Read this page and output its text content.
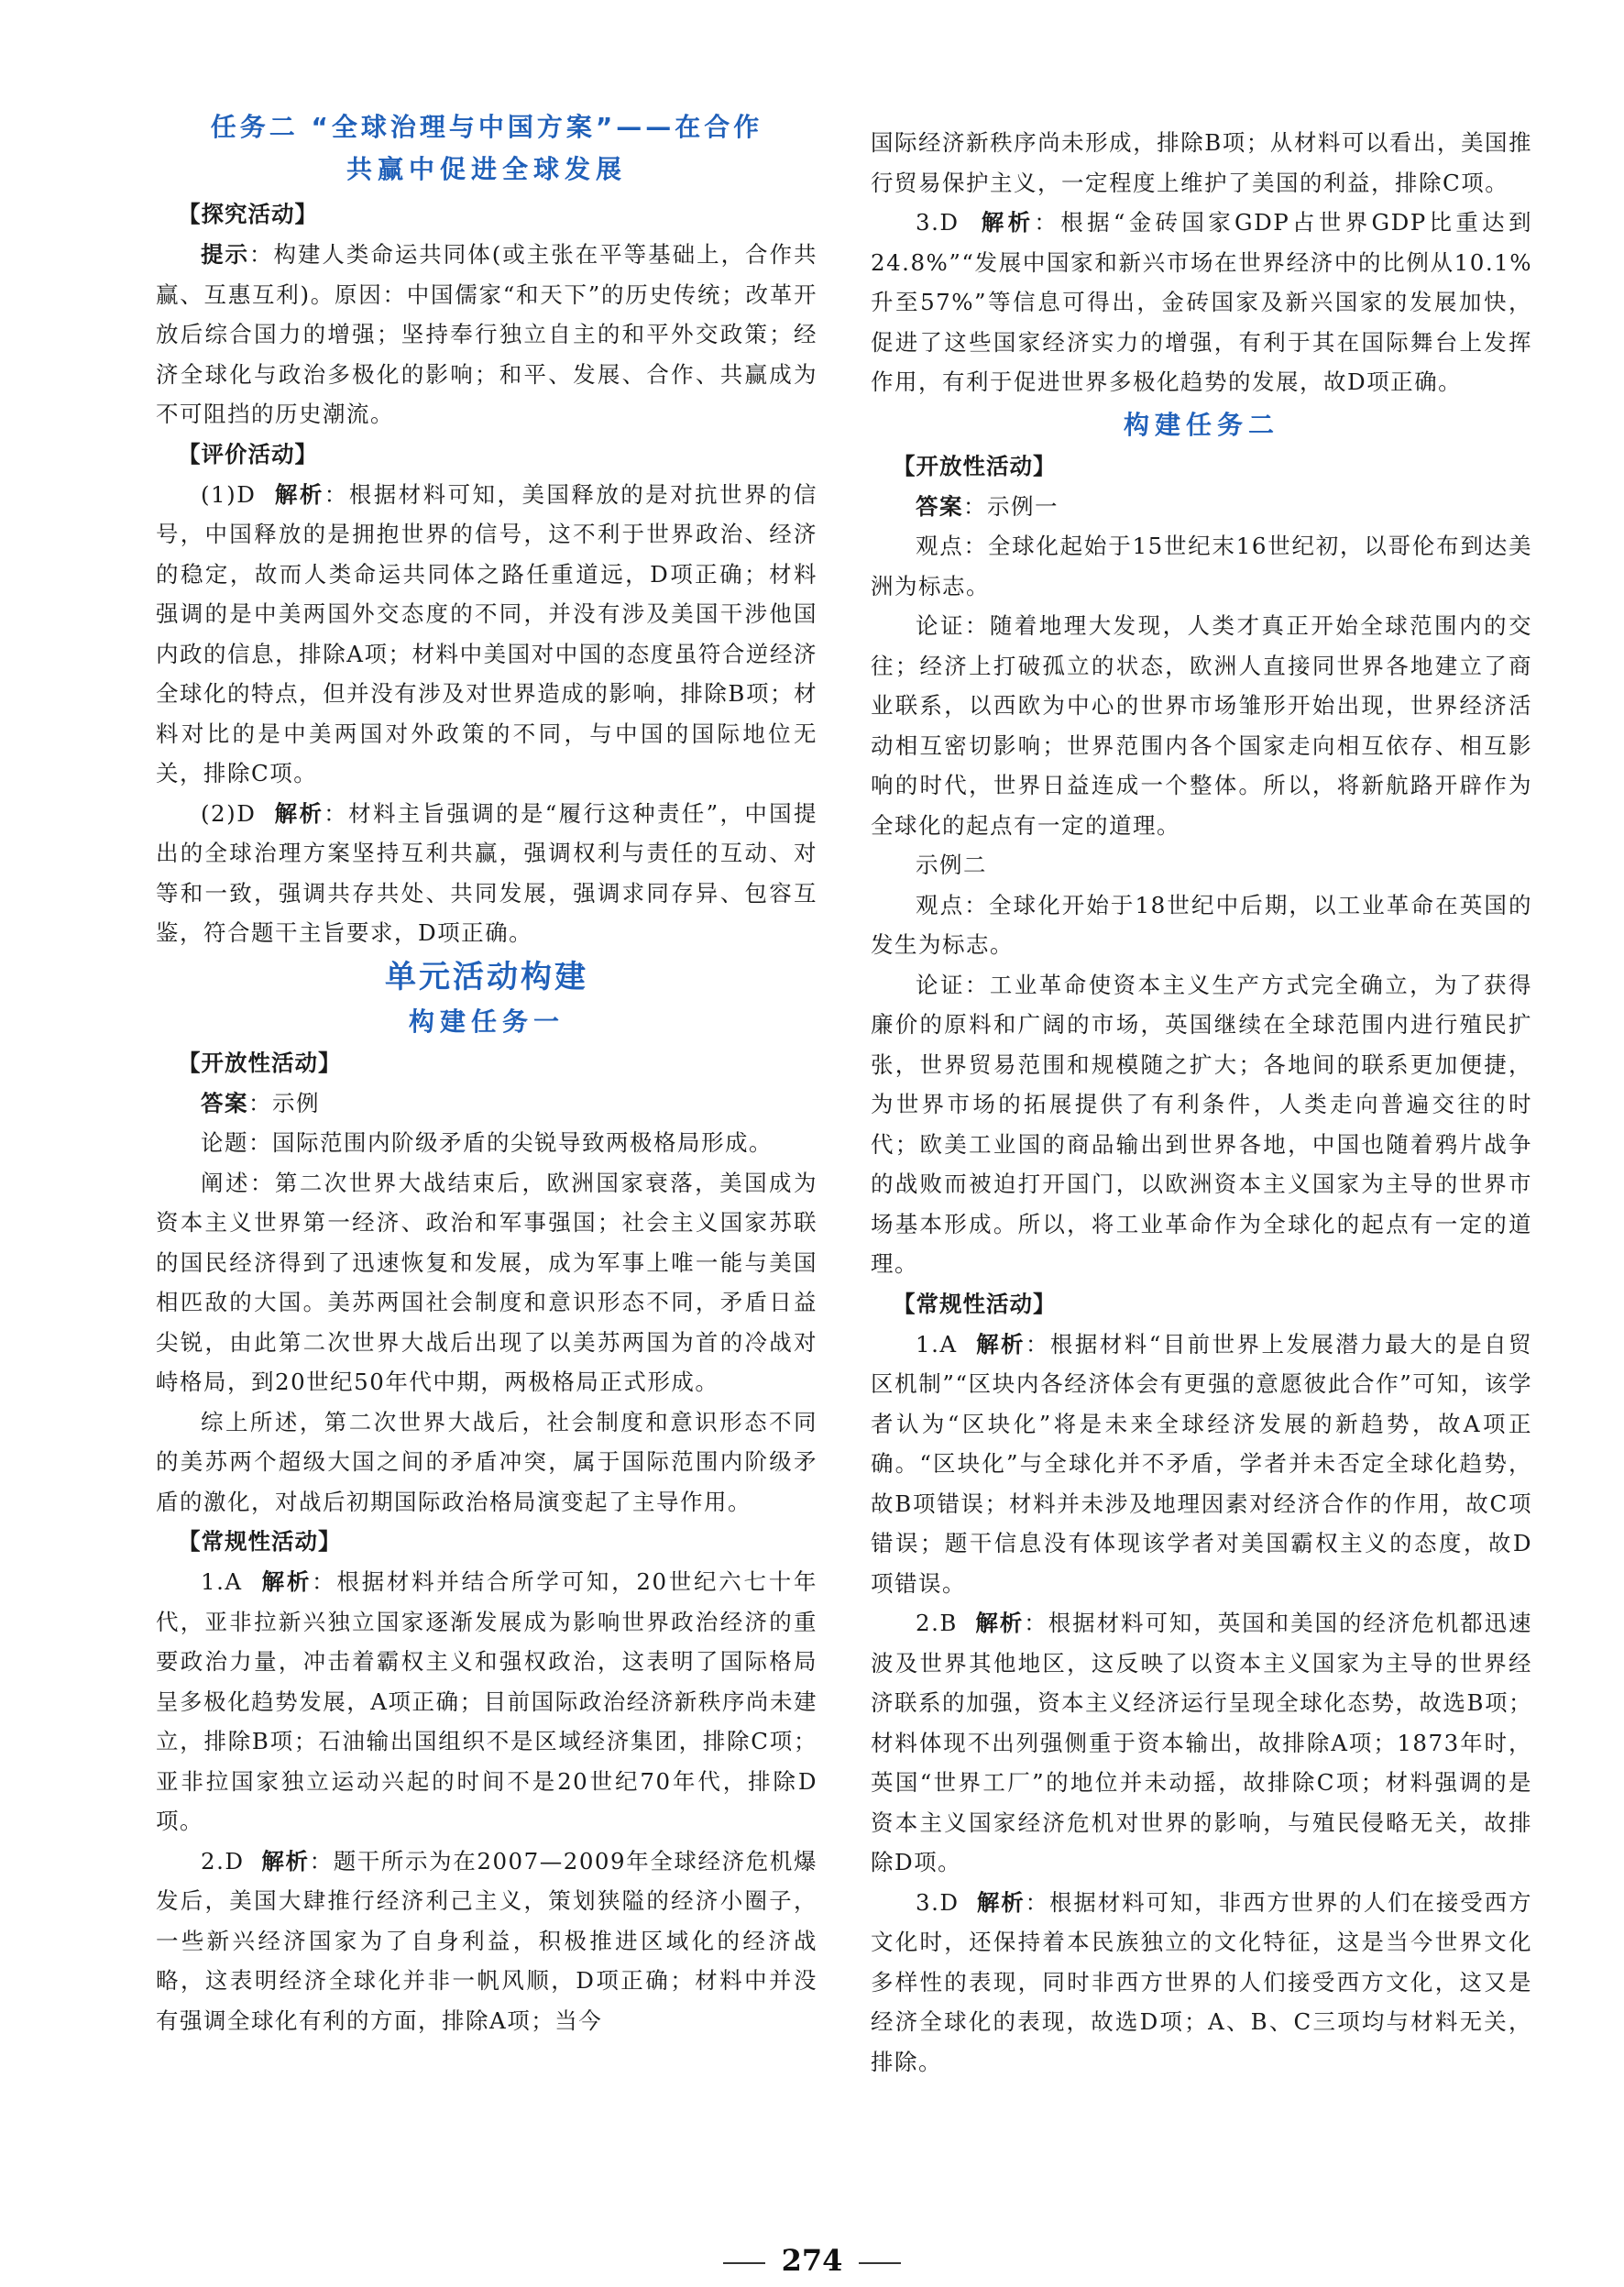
任务二 “全球治理与中国方案”——在合作

共赢中促进全球发展

【探究活动】

提示：构建人类命运共同体(或主张在平等基础上，合作共赢、互惠互利)。原因：中国儒家“和天下”的历史传统；改革开放后综合国力的增强；坚持奉行独立自主的和平外交政策；经济全球化与政治多极化的影响；和平、发展、合作、共赢成为不可阻挡的历史潮流。

【评价活动】

(1)D 解析：根据材料可知，美国释放的是对抗世界的信号，中国释放的是拥抱世界的信号，这不利于世界政治、经济的稳定，故而人类命运共同体之路任重道远，D项正确；材料强调的是中美两国外交态度的不同，并没有涉及美国干涉他国内政的信息，排除A项；材料中美国对中国的态度虽符合逆经济全球化的特点，但并没有涉及对世界造成的影响，排除B项；材料对比的是中美两国对外政策的不同，与中国的国际地位无关，排除C项。

(2)D 解析：材料主旨强调的是“履行这种责任”，中国提出的全球治理方案坚持互利共赢，强调权利与责任的互动、对等和一致，强调共存共处、共同发展，强调求同存异、包容互鉴，符合题干主旨要求，D项正确。

单元活动构建

构建任务一

【开放性活动】

答案：示例

论题：国际范围内阶级矛盾的尖锐导致两极格局形成。

阐述：第二次世界大战结束后，欧洲国家衰落，美国成为资本主义世界第一经济、政治和军事强国；社会主义国家苏联的国民经济得到了迅速恢复和发展，成为军事上唯一能与美国相匹敌的大国。美苏两国社会制度和意识形态不同，矛盾日益尖锐，由此第二次世界大战后出现了以美苏两国为首的冷战对峙格局，到20世纪50年代中期，两极格局正式形成。

综上所述，第二次世界大战后，社会制度和意识形态不同的美苏两个超级大国之间的矛盾冲突，属于国际范围内阶级矛盾的激化，对战后初期国际政治格局演变起了主导作用。

【常规性活动】

1.A 解析：根据材料并结合所学可知，20世纪六七十年代，亚非拉新兴独立国家逐渐发展成为影响世界政治经济的重要政治力量，冲击着霸权主义和强权政治，这表明了国际格局呈多极化趋势发展，A项正确；目前国际政治经济新秩序尚未建立，排除B项；石油输出国组织不是区域经济集团，排除C项；亚非拉国家独立运动兴起的时间不是20世纪70年代，排除D项。

2.D 解析：题干所示为在2007—2009年全球经济危机爆发后，美国大肆推行经济利己主义，策划狭隘的经济小圈子，一些新兴经济国家为了自身利益，积极推进区域化的经济战略，这表明经济全球化并非一帆风顺，D项正确；材料中并没有强调全球化有利的方面，排除A项；当今

国际经济新秩序尚未形成，排除B项；从材料可以看出，美国推行贸易保护主义，一定程度上维护了美国的利益，排除C项。

3.D 解析：根据“金砖国家GDP占世界GDP比重达到24.8%”“发展中国家和新兴市场在世界经济中的比例从10.1%升至57%”等信息可得出，金砖国家及新兴国家的发展加快，促进了这些国家经济实力的增强，有利于其在国际舞台上发挥作用，有利于促进世界多极化趋势的发展，故D项正确。

构建任务二

【开放性活动】

答案：示例一

观点：全球化起始于15世纪末16世纪初，以哥伦布到达美洲为标志。

论证：随着地理大发现，人类才真正开始全球范围内的交往；经济上打破孤立的状态，欧洲人直接同世界各地建立了商业联系，以西欧为中心的世界市场雏形开始出现，世界经济活动相互密切影响；世界范围内各个国家走向相互依存、相互影响的时代，世界日益连成一个整体。所以，将新航路开辟作为全球化的起点有一定的道理。

示例二

观点：全球化开始于18世纪中后期，以工业革命在英国的发生为标志。

论证：工业革命使资本主义生产方式完全确立，为了获得廉价的原料和广阔的市场，英国继续在全球范围内进行殖民扩张，世界贸易范围和规模随之扩大；各地间的联系更加便捷，为世界市场的拓展提供了有利条件，人类走向普遍交往的时代；欧美工业国的商品输出到世界各地，中国也随着鸦片战争的战败而被迫打开国门，以欧洲资本主义国家为主导的世界市场基本形成。所以，将工业革命作为全球化的起点有一定的道理。

【常规性活动】

1.A 解析：根据材料“目前世界上发展潜力最大的是自贸区机制”“区块内各经济体会有更强的意愿彼此合作”可知，该学者认为“区块化”将是未来全球经济发展的新趋势，故A项正确。“区块化”与全球化并不矛盾，学者并未否定全球化趋势，故B项错误；材料并未涉及地理因素对经济合作的作用，故C项错误；题干信息没有体现该学者对美国霸权主义的态度，故D项错误。

2.B 解析：根据材料可知，英国和美国的经济危机都迅速波及世界其他地区，这反映了以资本主义国家为主导的世界经济联系的加强，资本主义经济运行呈现全球化态势，故选B项；材料体现不出列强侧重于资本输出，故排除A项；1873年时，英国“世界工厂”的地位并未动摇，故排除C项；材料强调的是资本主义国家经济危机对世界的影响，与殖民侵略无关，故排除D项。

3.D 解析：根据材料可知，非西方世界的人们在接受西方文化时，还保持着本民族独立的文化特征，这是当今世界文化多样性的表现，同时非西方世界的人们接受西方文化，这又是经济全球化的表现，故选D项；A、B、C三项均与材料无关，排除。

274
